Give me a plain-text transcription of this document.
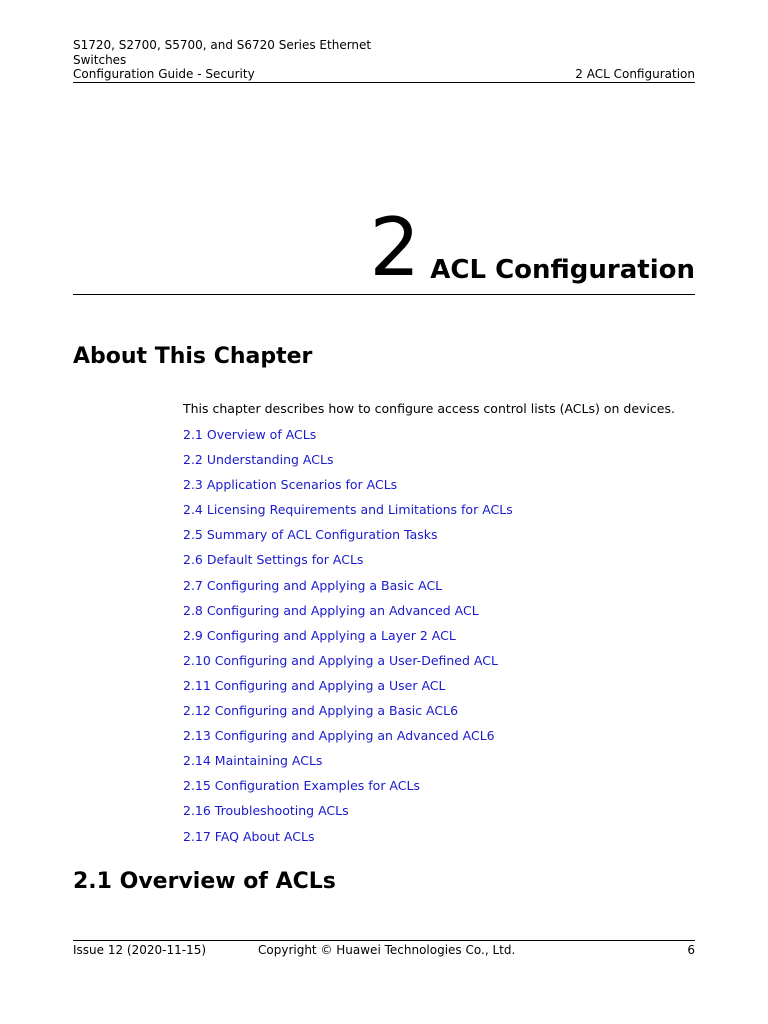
S1720, S2700, S5700, and S6720 Series Ethernet
Switches
Configuration Guide - Security	2 ACL Configuration
2 ACL Configuration
About This Chapter

This chapter describes how to configure access control lists (ACLs) on devices.

2.1 Overview of ACLs
2.2 Understanding ACLs
2.3 Application Scenarios for ACLs
2.4 Licensing Requirements and Limitations for ACLs
2.5 Summary of ACL Configuration Tasks
2.6 Default Settings for ACLs
2.7 Configuring and Applying a Basic ACL
2.8 Configuring and Applying an Advanced ACL
2.9 Configuring and Applying a Layer 2 ACL
2.10 Configuring and Applying a User-Defined ACL
2.11 Configuring and Applying a User ACL
2.12 Configuring and Applying a Basic ACL6
2.13 Configuring and Applying an Advanced ACL6
2.14 Maintaining ACLs
2.15 Configuration Examples for ACLs
2.16 Troubleshooting ACLs
2.17 FAQ About ACLs
2.1 Overview of ACLs
Issue 12 (2020-11-15)	Copyright © Huawei Technologies Co., Ltd.	6
